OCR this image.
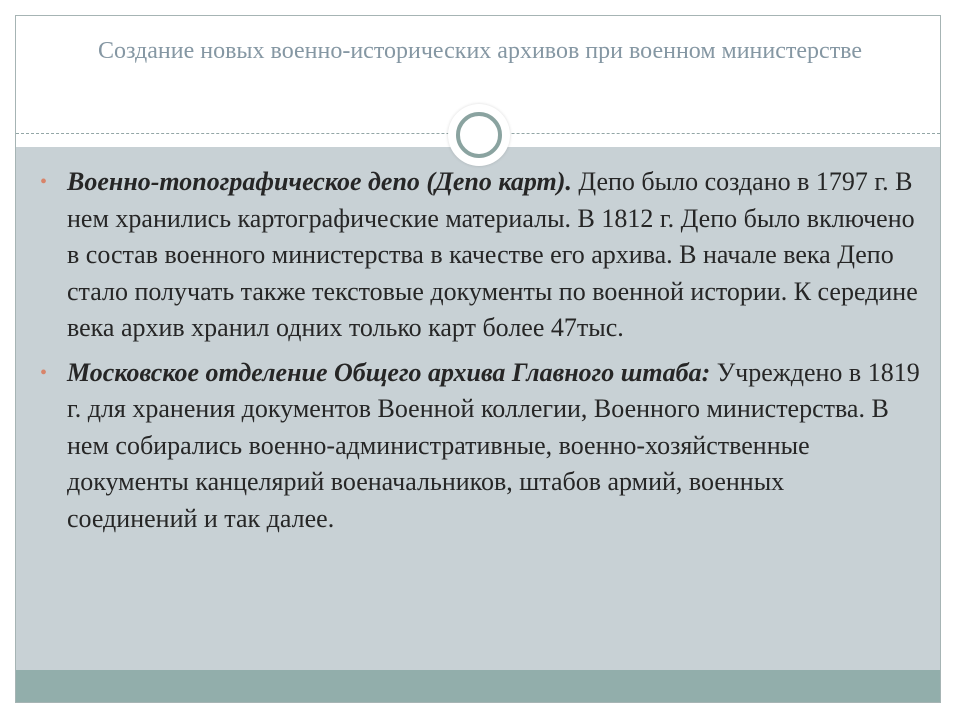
Создание новых военно-исторических архивов при военном министерстве
• Военно-топографическое депо (Депо карт). Депо было создано в 1797 г. В нем хранились картографические материалы. В 1812 г. Депо было включено в состав военного министерства в качестве его архива. В начале века Депо стало получать также текстовые документы по военной истории. К середине века архив хранил одних только карт более 47тыс.
• Московское отделение Общего архива Главного штаба: Учреждено в 1819 г. для хранения документов Военной коллегии, Военного министерства. В нем собирались военно-административные, военно-хозяйственные документы канцелярий военачальников, штабов армий, военных соединений и так далее.
